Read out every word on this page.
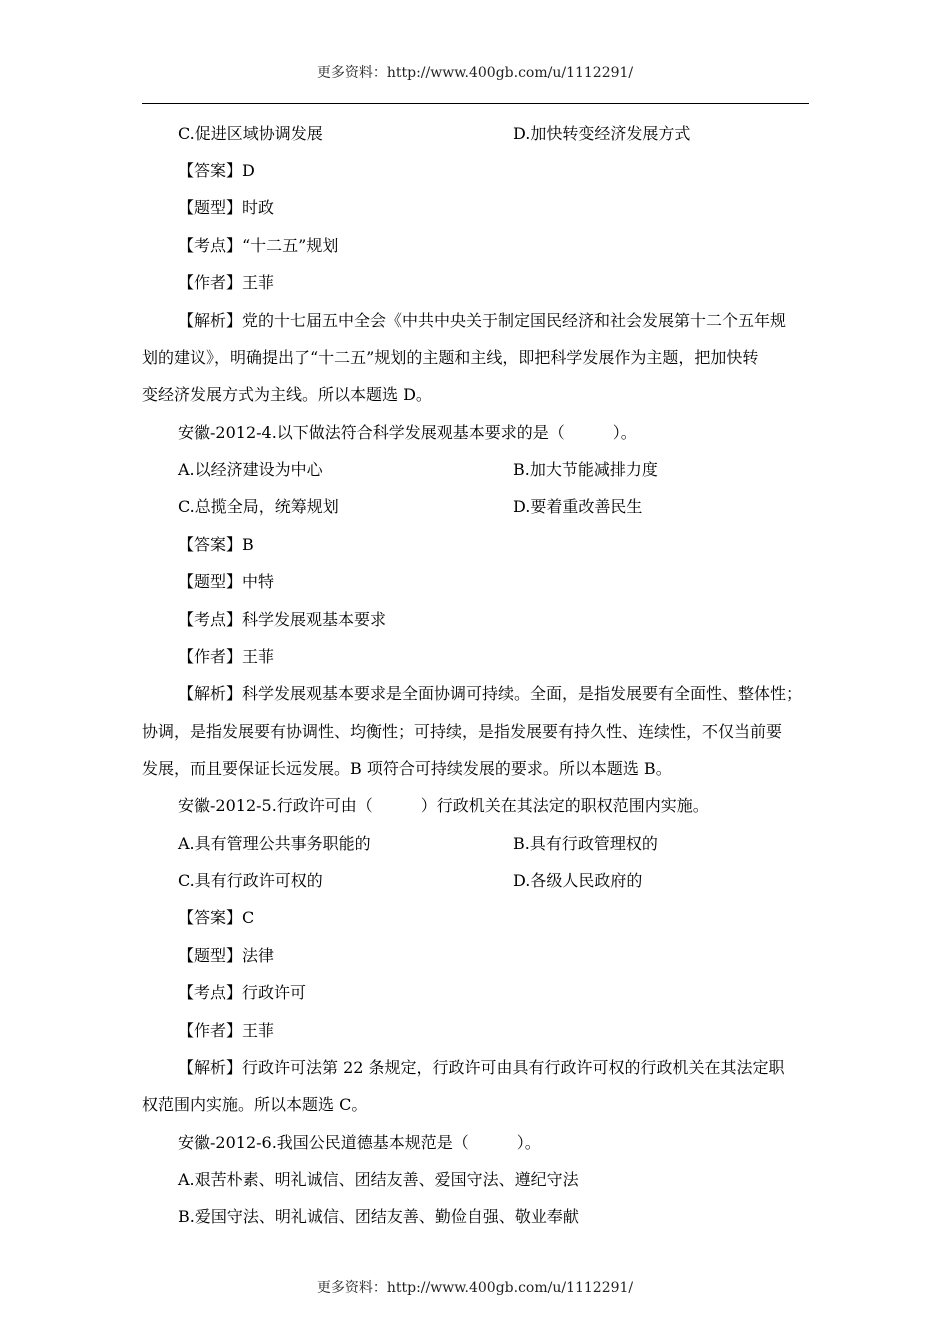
更多资料：http://www.400gb.com/u/1112291/
C.促进区域协调发展	D.加快转变经济发展方式
【答案】D
【题型】时政
【考点】“十二五”规划
【作者】王菲
【解析】党的十七届五中全会《中共中央关于制定国民经济和社会发展第十二个五年规
划的建议》，明确提出了“十二五”规划的主题和主线，即把科学发展作为主题，把加快转
变经济发展方式为主线。所以本题选 D。
安徽-2012-4.以下做法符合科学发展观基本要求的是（　　　）。
A.以经济建设为中心	B.加大节能减排力度
C.总揽全局，统筹规划	D.要着重改善民生
【答案】B
【题型】中特
【考点】科学发展观基本要求
【作者】王菲
【解析】科学发展观基本要求是全面协调可持续。全面，是指发展要有全面性、整体性；
协调，是指发展要有协调性、均衡性；可持续，是指发展要有持久性、连续性，不仅当前要
发展，而且要保证长远发展。B 项符合可持续发展的要求。所以本题选 B。
安徽-2012-5.行政许可由（　　　）行政机关在其法定的职权范围内实施。
A.具有管理公共事务职能的	B.具有行政管理权的
C.具有行政许可权的	D.各级人民政府的
【答案】C
【题型】法律
【考点】行政许可
【作者】王菲
【解析】行政许可法第 22 条规定，行政许可由具有行政许可权的行政机关在其法定职
权范围内实施。所以本题选 C。
安徽-2012-6.我国公民道德基本规范是（　　　）。
A.艰苦朴素、明礼诚信、团结友善、爱国守法、遵纪守法
B.爱国守法、明礼诚信、团结友善、勤俭自强、敬业奉献
更多资料：http://www.400gb.com/u/1112291/
